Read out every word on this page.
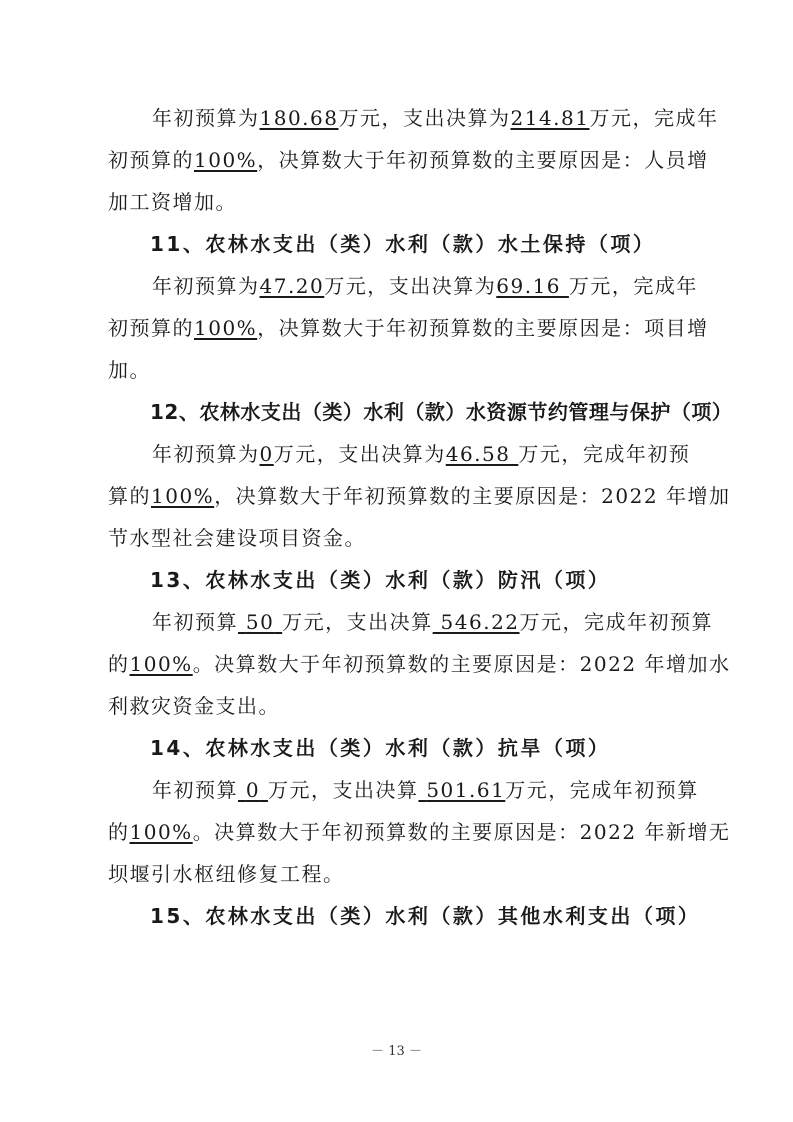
年初预算为180.68万元，支出决算为214.81万元，完成年
初预算的100%，决算数大于年初预算数的主要原因是：人员增
加工资增加。
11、农林水支出（类）水利（款）水土保持（项）
年初预算为47.20万元，支出决算为69.16 万元，完成年
初预算的100%，决算数大于年初预算数的主要原因是：项目增
加。
12、农林水支出（类）水利（款）水资源节约管理与保护（项）
年初预算为0万元，支出决算为46.58 万元，完成年初预
算的100%，决算数大于年初预算数的主要原因是：2022 年增加
节水型社会建设项目资金。
13、农林水支出（类）水利（款）防汛（项）
年初预算 50 万元，支出决算 546.22万元，完成年初预算
的100%。决算数大于年初预算数的主要原因是：2022 年增加水
利救灾资金支出。
14、农林水支出（类）水利（款）抗旱（项）
年初预算 0 万元，支出决算 501.61万元，完成年初预算
的100%。决算数大于年初预算数的主要原因是：2022 年新增无
坝堰引水枢纽修复工程。
15、农林水支出（类）水利（款）其他水利支出（项）
－ 13 －
